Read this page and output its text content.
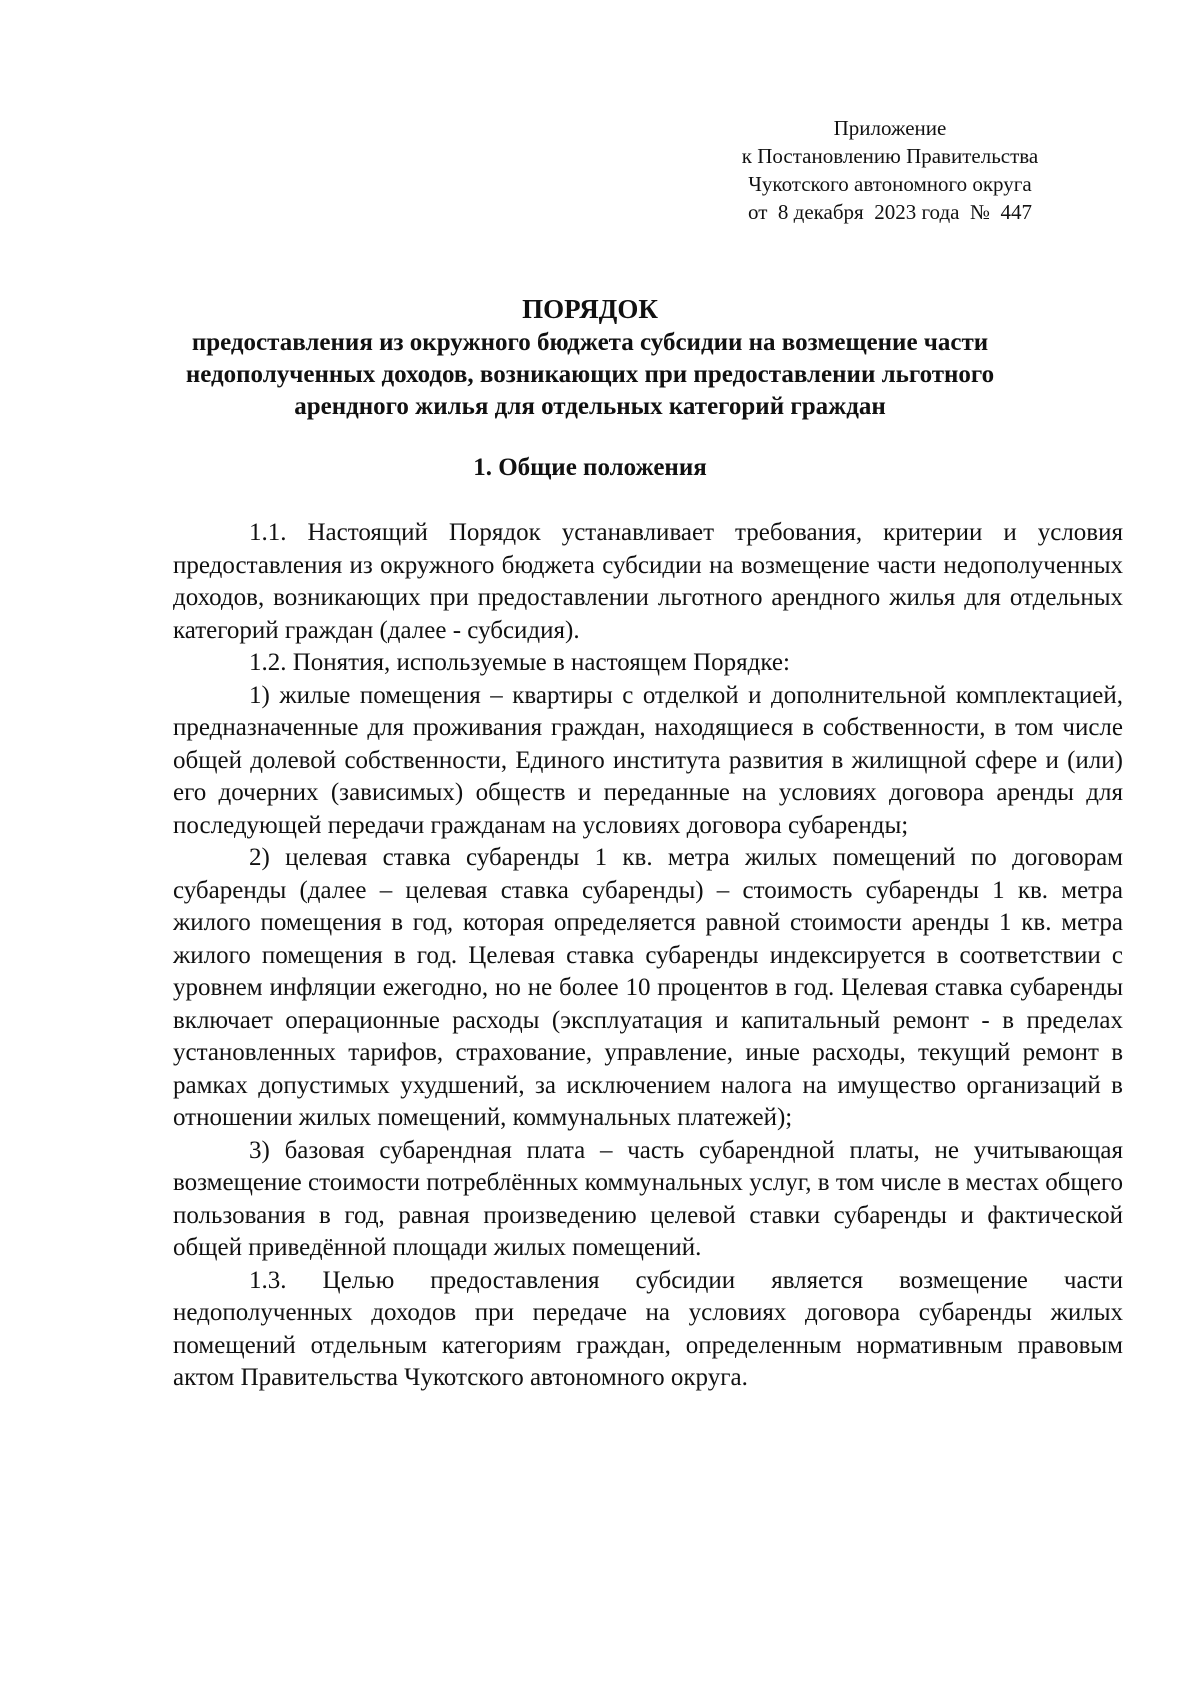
Приложение
к Постановлению Правительства
Чукотского автономного округа
от  8 декабря  2023 года  №  447
ПОРЯДОК
предоставления из окружного бюджета субсидии на возмещение части недополученных доходов, возникающих при предоставлении льготного арендного жилья для отдельных категорий граждан
1. Общие положения

1.1. Настоящий Порядок устанавливает требования, критерии и условия предоставления из окружного бюджета субсидии на возмещение части недополученных доходов, возникающих при предоставлении льготного арендного жилья для отдельных категорий граждан (далее - субсидия).

1.2. Понятия, используемые в настоящем Порядке:

1) жилые помещения – квартиры с отделкой и дополнительной комплектацией, предназначенные для проживания граждан, находящиеся в собственности, в том числе общей долевой собственности, Единого института развития в жилищной сфере и (или) его дочерних (зависимых) обществ и переданные на условиях договора аренды для последующей передачи гражданам на условиях договора субаренды;

2) целевая ставка субаренды 1 кв. метра жилых помещений по договорам субаренды (далее – целевая ставка субаренды) – стоимость субаренды 1 кв. метра жилого помещения в год, которая определяется равной стоимости аренды 1 кв. метра жилого помещения в год. Целевая ставка субаренды индексируется в соответствии с уровнем инфляции ежегодно, но не более 10 процентов в год. Целевая ставка субаренды включает операционные расходы (эксплуатация и капитальный ремонт - в пределах установленных тарифов, страхование, управление, иные расходы, текущий ремонт в рамках допустимых ухудшений, за исключением налога на имущество организаций в отношении жилых помещений, коммунальных платежей);

3) базовая субарендная плата – часть субарендной платы, не учитывающая возмещение стоимости потреблённых коммунальных услуг, в том числе в местах общего пользования в год, равная произведению целевой ставки субаренды и фактической общей приведённой площади жилых помещений.

1.3. Целью предоставления субсидии является возмещение части недополученных доходов при передаче на условиях договора субаренды жилых помещений отдельным категориям граждан, определенным нормативным правовым актом Правительства Чукотского автономного округа.
